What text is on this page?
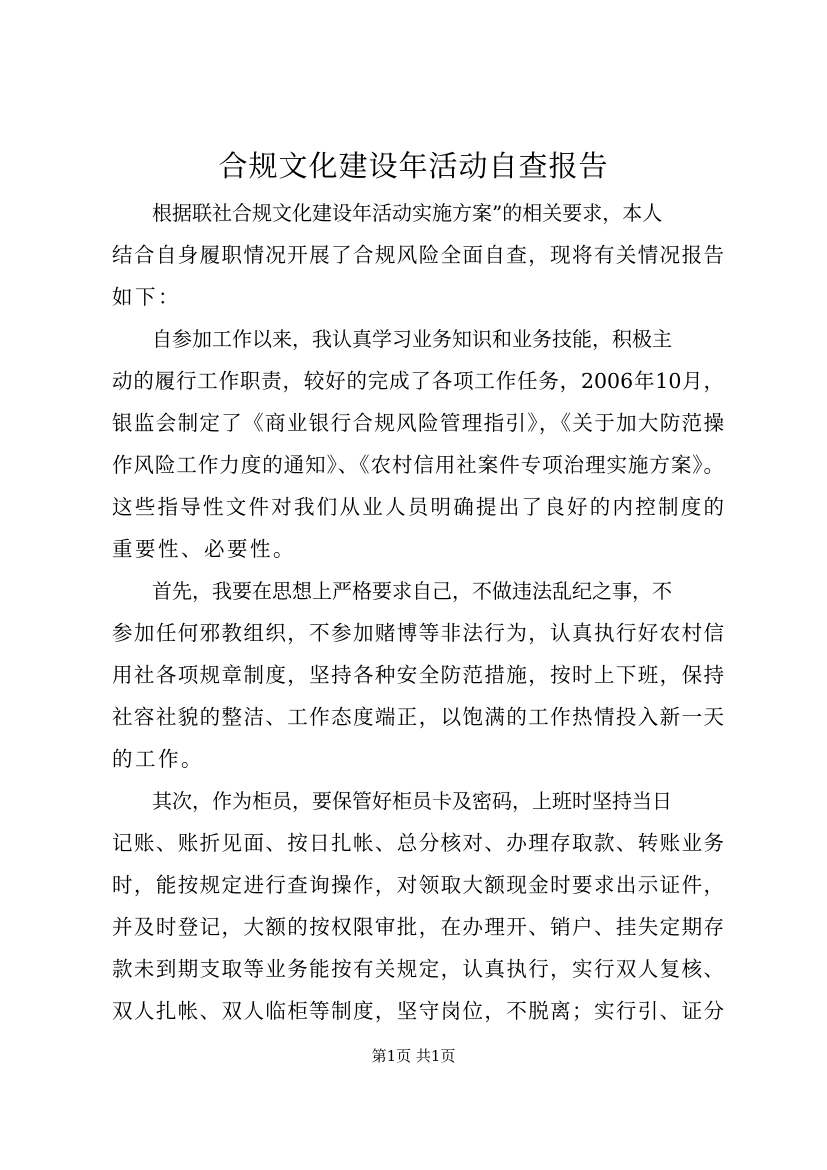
合规文化建设年活动自查报告
　　根据联社合规文化建设年活动实施方案”的相关要求，本人
结合自身履职情况开展了合规风险全面自查，现将有关情况报告
如下：
　　自参加工作以来，我认真学习业务知识和业务技能，积极主
动的履行工作职责，较好的完成了各项工作任务，2006年10月，
银监会制定了《商业银行合规风险管理指引》，《关于加大防范操
作风险工作力度的通知》、《农村信用社案件专项治理实施方案》。
这些指导性文件对我们从业人员明确提出了良好的内控制度的
重要性、必要性。
　　首先，我要在思想上严格要求自己，不做违法乱纪之事，不
参加任何邪教组织，不参加赌博等非法行为，认真执行好农村信
用社各项规章制度，坚持各种安全防范措施，按时上下班，保持
社容社貌的整洁、工作态度端正，以饱满的工作热情投入新一天
的工作。
　　其次，作为柜员，要保管好柜员卡及密码，上班时坚持当日
记账、账折见面、按日扎帐、总分核对、办理存取款、转账业务
时，能按规定进行查询操作，对领取大额现金时要求出示证件，
并及时登记，大额的按权限审批，在办理开、销户、挂失定期存
款未到期支取等业务能按有关规定，认真执行，实行双人复核、
双人扎帐、双人临柜等制度，坚守岗位，不脱离；实行引、证分
第1页 共1页
